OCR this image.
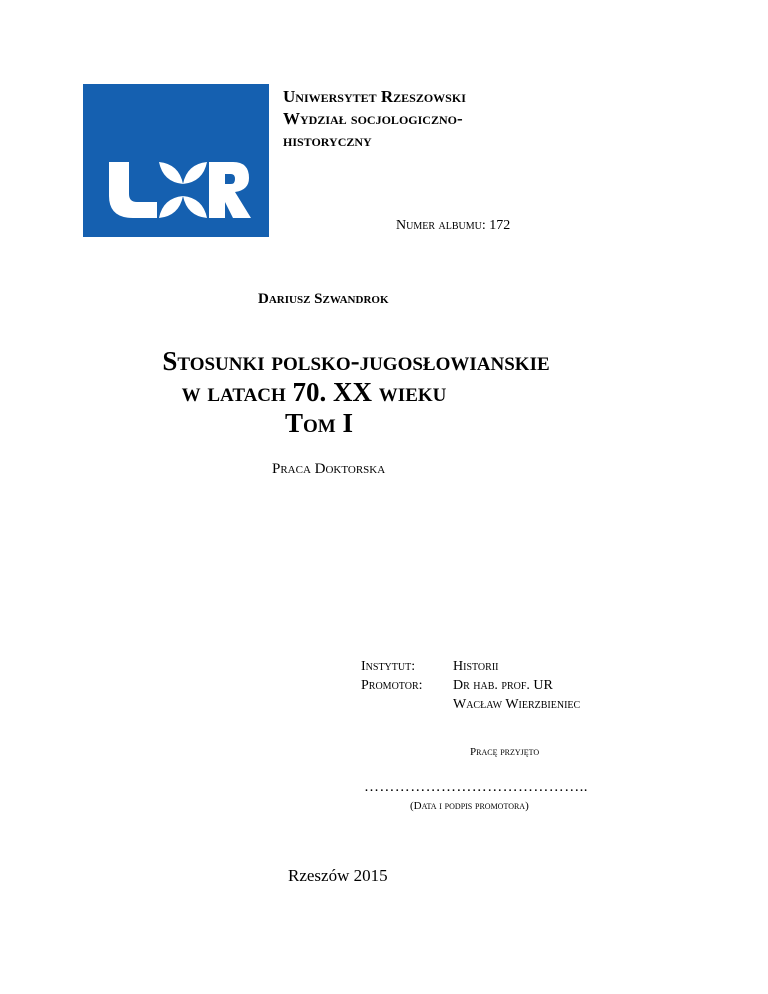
Uniwersytet Rzeszowski
Wydział socjologiczno-
historyczny
Numer albumu: 172
Dariusz Szwandrok
Stosunki polsko-jugosłowianskie
w latach 70. XX wieku
Tom I
Praca Doktorska
Instytut:	Historii
Promotor:	Dr hab. prof. UR
Wacław Wierzbieniec
Pracę przyjęto
……………………………………..
(Data i podpis promotora)
Rzeszów 2015
